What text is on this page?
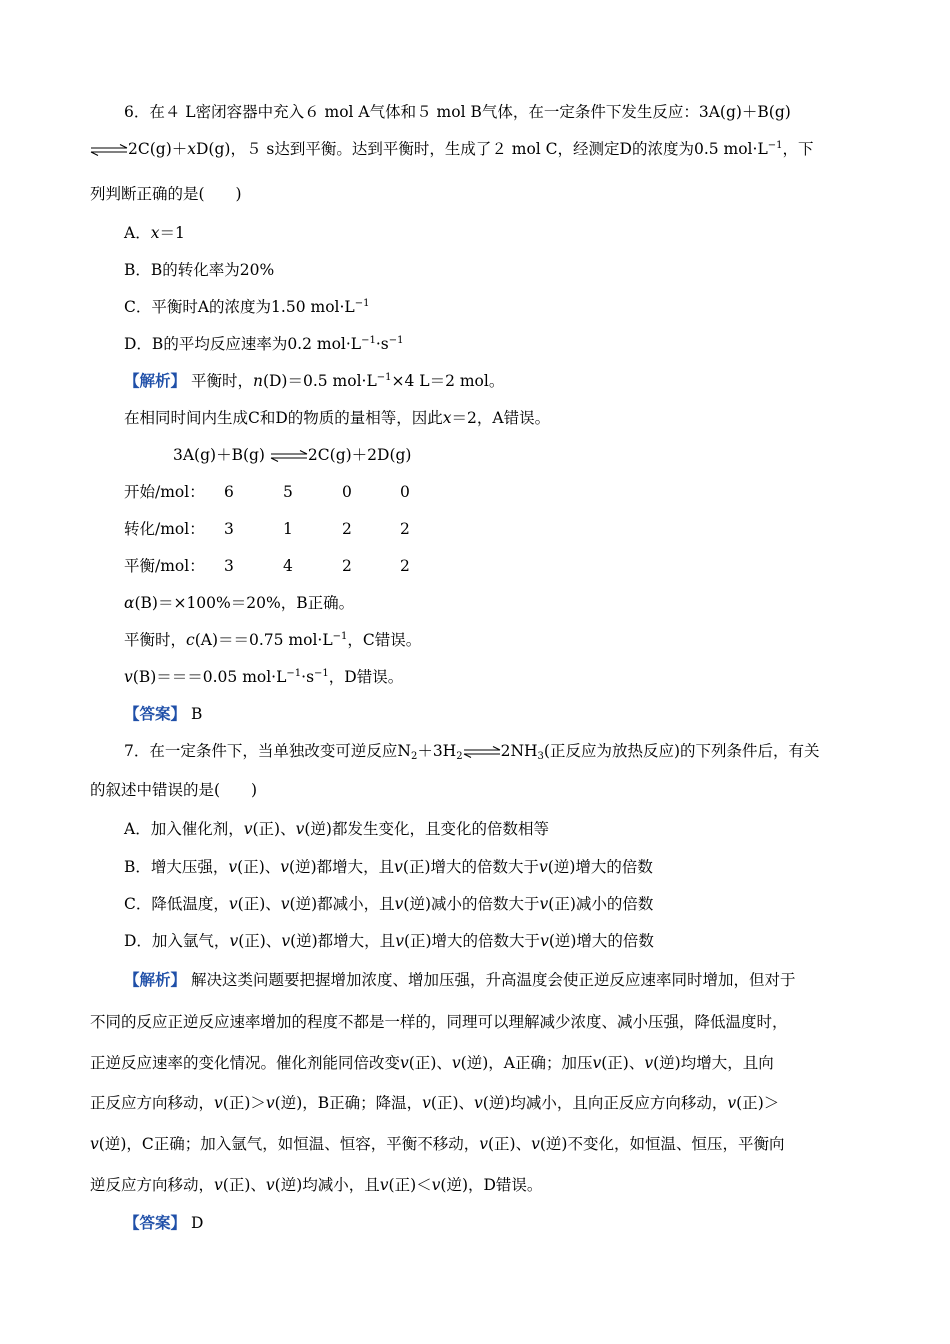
6．在４ L密闭容器中充入６ mol A气体和５ mol B气体，在一定条件下发生反应：3A(g)＋B(g)
⇌2C(g)＋xD(g)，５ s达到平衡。达到平衡时，生成了２ mol C，经测定D的浓度为0.5 $mol\cdot L^{-1}$，下
列判断正确的是(　　)
A．x＝1
B．B的转化率为20%
C．平衡时A的浓度为1.50 $mol\cdot L^{-1}$
D．B的平均反应速率为0.2 $mol\cdot L^{-1}\cdot s^{-1}$
【解析】 平衡时，n(D)＝0.5 $mol\cdot L^{-1}\times 4$ L＝2 mol。
在相同时间内生成C和D的物质的量相等，因此x＝2，A错误。
3A(g)＋B(g) ⇌2C(g)＋2D(g)
开始/mol： 6	5	0	0
转化/mol： 3	1	2	2
平衡/mol： 3	4	2	2
α(B)＝×100%＝20%，B正确。
平衡时，c(A)＝＝0.75 $mol\cdot L^{-1}$，C错误。
v(B)＝＝＝0.05 $mol\cdot L^{-1}\cdot s^{-1}$，D错误。
【答案】 B
7．在一定条件下，当单独改变可逆反应$N_2+3H_2\rightleftharpoons 2NH_3$(正反应为放热反应)的下列条件后，有关
的叙述中错误的是(　　)
A．加入催化剂，v(正)、v(逆)都发生变化，且变化的倍数相等
B．增大压强，v(正)、v(逆)都增大，且v(正)增大的倍数大于v(逆)增大的倍数
C．降低温度，v(正)、v(逆)都减小，且v(逆)减小的倍数大于v(正)减小的倍数
D．加入氩气，v(正)、v(逆)都增大，且v(正)增大的倍数大于v(逆)增大的倍数
【解析】 解决这类问题要把握增加浓度、增加压强，升高温度会使正逆反应速率同时增加，但对于
不同的反应正逆反应速率增加的程度不都是一样的，同理可以理解减少浓度、减小压强，降低温度时，
正逆反应速率的变化情况。催化剂能同倍改变v(正)、v(逆)，A正确；加压v(正)、v(逆)均增大，且向
正反应方向移动，v(正)＞v(逆)，B正确；降温，v(正)、v(逆)均减小，且向正反应方向移动，v(正)＞
v(逆)，C正确；加入氩气，如恒温、恒容，平衡不移动，v(正)、v(逆)不变化，如恒温、恒压，平衡向
逆反应方向移动，v(正)、v(逆)均减小，且v(正)＜v(逆)，D错误。
【答案】 D
